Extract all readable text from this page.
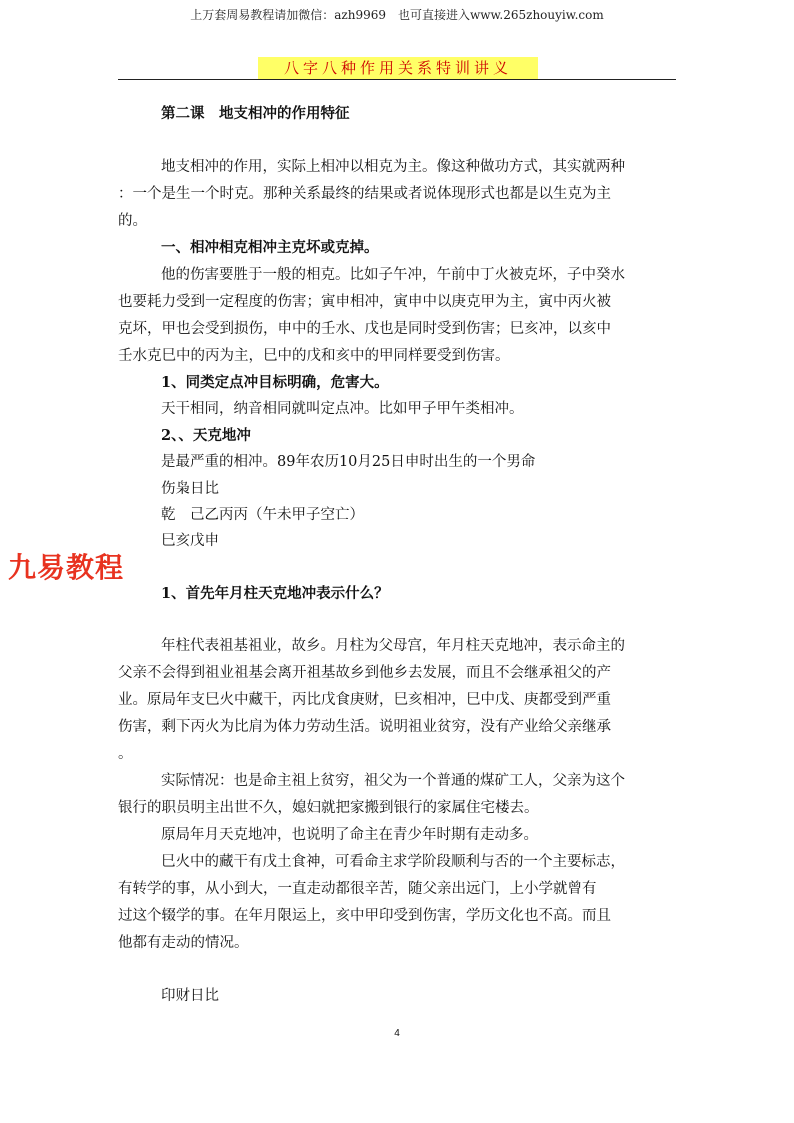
上万套周易教程请加微信：azh9969　也可直接进入www.265zhouyiw.com
八字八种作用关系特训讲义
第二课　地支相冲的作用特征
地支相冲的作用，实际上相冲以相克为主。像这种做功方式，其实就两种
：一个是生一个时克。那种关系最终的结果或者说体现形式也都是以生克为主
的。
一、相冲相克相冲主克坏或克掉。
他的伤害要胜于一般的相克。比如子午冲，午前中丁火被克坏，子中癸水
也要耗力受到一定程度的伤害；寅申相冲，寅申中以庚克甲为主，寅中丙火被
克坏，甲也会受到损伤，申中的壬水、戊也是同时受到伤害；巳亥冲，以亥中
壬水克巳中的丙为主，巳中的戊和亥中的甲同样要受到伤害。
1、同类定点冲目标明确，危害大。
天干相同，纳音相同就叫定点冲。比如甲子甲午类相冲。
2、、天克地冲
是最严重的相冲。89年农历10月25日申时出生的一个男命
伤枭日比
乾　己乙丙丙（午未甲子空亡）
巳亥戊申
1、首先年月柱天克地冲表示什么？
年柱代表祖基祖业，故乡。月柱为父母宫，年月柱天克地冲，表示命主的
父亲不会得到祖业祖基会离开祖基故乡到他乡去发展，而且不会继承祖父的产
业。原局年支巳火中藏干，丙比戊食庚财，巳亥相冲，巳中戊、庚都受到严重
伤害，剩下丙火为比肩为体力劳动生活。说明祖业贫穷，没有产业给父亲继承
。
实际情况：也是命主祖上贫穷，祖父为一个普通的煤矿工人，父亲为这个
银行的职员明主出世不久，媳妇就把家搬到银行的家属住宅楼去。
原局年月天克地冲，也说明了命主在青少年时期有走动多。
巳火中的藏干有戊土食神，可看命主求学阶段顺利与否的一个主要标志，
有转学的事，从小到大，一直走动都很辛苦，随父亲出远门，上小学就曾有
过这个辍学的事。在年月限运上，亥中甲印受到伤害，学历文化也不高。而且
他都有走动的情况。
印财日比
九易教程
4
